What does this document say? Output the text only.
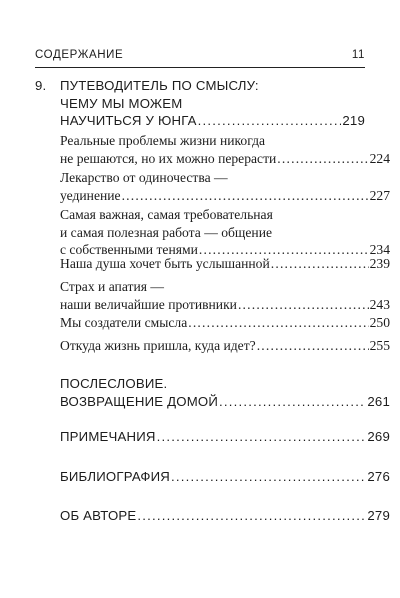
СОДЕРЖАНИЕ	11
9.	ПУТЕВОДИТЕЛЬ ПО СМЫСЛУ:
ЧЕМУ МЫ МОЖЕМ
НАУЧИТЬСЯ У ЮНГА .....	219
Реальные проблемы жизни никогда
не решаются, но их можно перерасти .....	224
Лекарство от одиночества —
уединение .....	227
Самая важная, самая требовательная
и самая полезная работа — общение
с собственными тенями .....	234
Наша душа хочет быть услышанной .....	239
Страх и апатия —
наши величайшие противники .....	243
Мы создатели смысла .....	250
Откуда жизнь пришла, куда идет? .....	255
ПОСЛЕСЛОВИЕ.
ВОЗВРАЩЕНИЕ ДОМОЙ .....	261
ПРИМЕЧАНИЯ .....	269
БИБЛИОГРАФИЯ .....	276
ОБ АВТОРЕ .....	279
